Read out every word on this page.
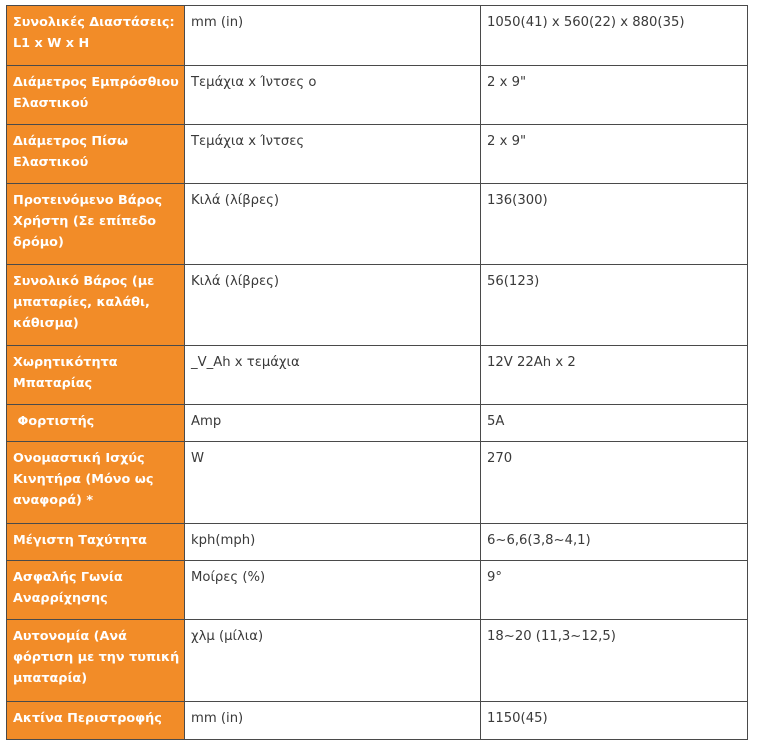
Συνολικές Διαστάσεις: L1 x W x H	mm (in)	1050(41) x 560(22) x 880(35)
Διάμετρος Εμπρόσθιου Ελαστικού	Τεμάχια x Ίντσες ο	2 x 9"
Διάμετρος Πίσω Ελαστικού	Τεμάχια x Ίντσες	2 x 9"
Προτεινόμενο Βάρος Χρήστη (Σε επίπεδο δρόμο)	Κιλά (λίβρες)	136(300)
Συνολικό Βάρος (με μπαταρίες, καλάθι, κάθισμα)	Κιλά (λίβρες)	56(123)
Χωρητικότητα Μπαταρίας	_V_Ah x τεμάχια	12V 22Ah x 2
Φορτιστής	Amp	5A
Ονομαστική Ισχύς Κινητήρα (Μόνο ως αναφορά) *	W	270
Μέγιστη Ταχύτητα	kph(mph)	6~6,6(3,8~4,1)
Ασφαλής Γωνία Αναρρίχησης	Μοίρες (%)	9°
Αυτονομία (Ανά φόρτιση με την τυπική μπαταρία)	χλμ (μίλια)	18~20 (11,3~12,5)
Ακτίνα Περιστροφής	mm (in)	1150(45)
